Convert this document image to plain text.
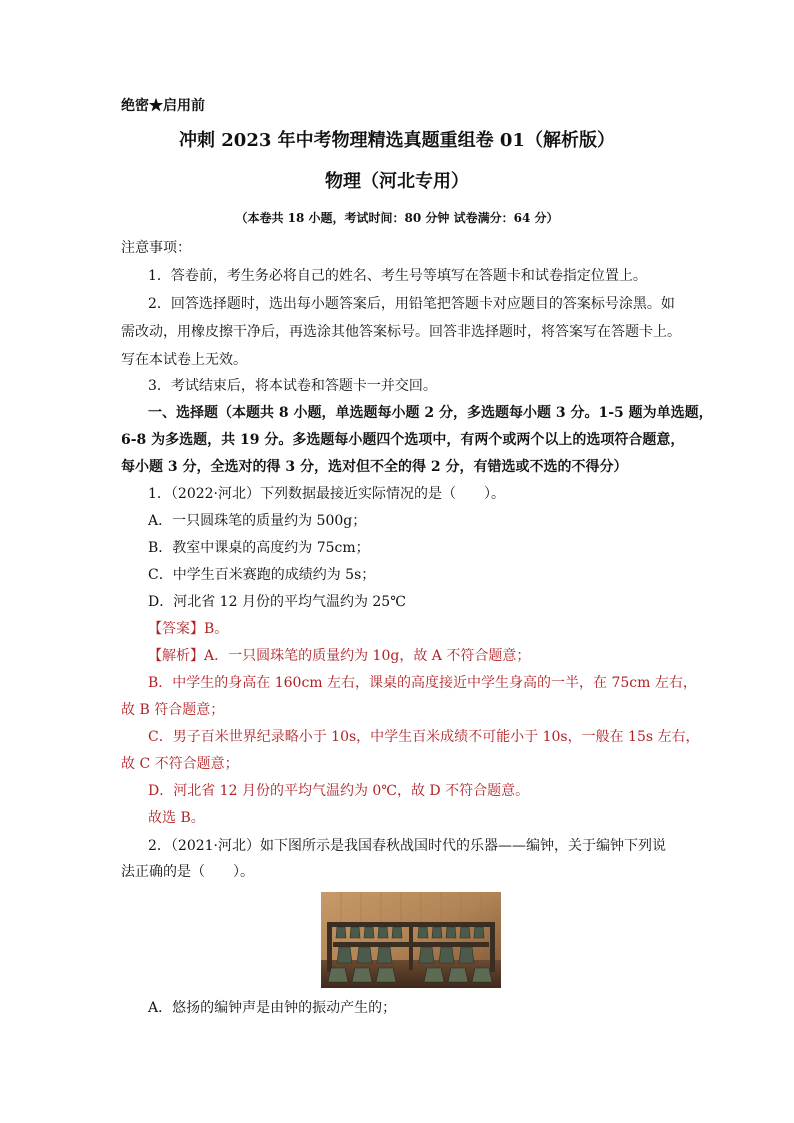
绝密★启用前
冲刺 2023 年中考物理精选真题重组卷 01（解析版）
物理（河北专用）
（本卷共 18 小题，考试时间：80 分钟 试卷满分：64 分）
注意事项：
1．答卷前，考生务必将自己的姓名、考生号等填写在答题卡和试卷指定位置上。
2．回答选择题时，选出每小题答案后，用铅笔把答题卡对应题目的答案标号涂黑。如
需改动，用橡皮擦干净后，再选涂其他答案标号。回答非选择题时，将答案写在答题卡上。
写在本试卷上无效。
3．考试结束后，将本试卷和答题卡一并交回。
一、选择题（本题共 8 小题，单选题每小题 2 分，多选题每小题 3 分。1-5 题为单选题，
6-8 为多选题，共 19 分。多选题每小题四个选项中，有两个或两个以上的选项符合题意，
每小题 3 分，全选对的得 3 分，选对但不全的得 2 分，有错选或不选的不得分）
1．（2022·河北）下列数据最接近实际情况的是（　　）。
A．一只圆珠笔的质量约为 500g；
B．教室中课桌的高度约为 75cm；
C．中学生百米赛跑的成绩约为 5s；
D．河北省 12 月份的平均气温约为 25℃
【答案】B。
【解析】A．一只圆珠笔的质量约为 10g，故 A 不符合题意；
B．中学生的身高在 160cm 左右，课桌的高度接近中学生身高的一半，在 75cm 左右，
故 B 符合题意；
C．男子百米世界纪录略小于 10s，中学生百米成绩不可能小于 10s，一般在 15s 左右，
故 C 不符合题意；
D．河北省 12 月份的平均气温约为 0℃，故 D 不符合题意。
故选 B。
2．（2021·河北）如下图所示是我国春秋战国时代的乐器——编钟，关于编钟下列说
法正确的是（　　）。
A．悠扬的编钟声是由钟的振动产生的；
